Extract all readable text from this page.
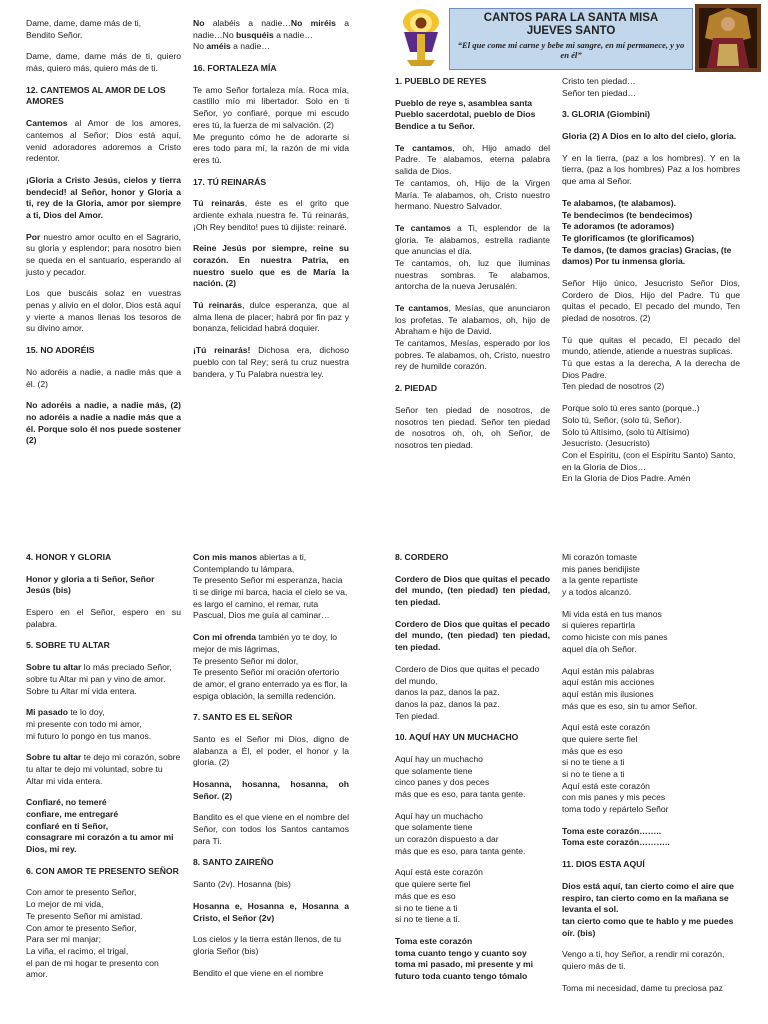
CANTOS PARA LA SANTA MISA
JUEVES SANTO
“El que come mi carne y bebe mi sangre, en mí permanece, y yo en él”

Dame, dame, dame más de ti,
Bendito Señor.

Dame, dame, dame más de ti, quiero más, quiero más, quiero más de ti.

12. CANTEMOS AL AMOR DE LOS AMORES

Cantemos al Amor de los amores, cantemos al Señor; Dios está aquí, venid adoradores adoremos a Cristo redentor.

¡Gloria a Cristo Jesús, cielos y tierra bendecid! al Señor, honor y Gloria a ti, rey de la Gloria, amor por siempre a ti, Dios del Amor.

Por nuestro amor oculto en el Sagrario, su gloria y esplendor; para nosotro bien se queda en el santuario, esperando al justo y pecador.

Los que buscáis solaz en vuestras penas y alivio en el dolor, Dios está aquí y vierte a manos llenas los tesoros de su divino amor.

15. NO ADORÉIS

No adoréis a nadie, a nadie más que a él. (2)

No adoréis a nadie, a nadie más, (2) no adoréis a nadie a nadie más que a él. Porque solo él nos puede sostener (2)

No alabéis a nadie…No miréis a nadie…No busquéis a nadie…
No améis a nadie…

16. FORTALEZA MÍA

Te amo Señor fortaleza mía. Roca mía, castillo mío mi libertador. Solo en ti Señor, yo confiaré, porque mi escudo eres tú, la fuerza de mi salvación. (2)
Me pregunto cómo he de adorarte si eres todo para mí, la razón de mi vida eres tú.

17. TÚ REINARÁS

Tú reinarás, éste es el grito que ardiente exhala nuestra fe. Tú reinarás, ¡Oh Rey bendito! pues tú dijiste: reinaré.

Reine Jesús por siempre, reine su corazón. En nuestra Patria, en nuestro suelo que es de María la nación. (2)

Tú reinarás, dulce esperanza, que al alma llena de placer; habrá por fin paz y bonanza, felicidad habrá doquier.

¡Tú reinarás! Dichosa era, dichoso pueblo con tal Rey; será tu cruz nuestra bandera, y Tu Palabra nuestra ley.

1. PUEBLO DE REYES

Pueblo de reye s, asamblea santa Pueblo sacerdotal, pueblo de Dios Bendice a tu Señor.

Te cantamos, oh, Hijo amado del Padre. Te alabamos, eterna palabra salida de Dios.
Te cantamos, oh, Hijo de la Virgen María. Te alabamos, oh, Cristo nuestro hermano. Nuestro Salvador.

Te cantamos a Ti, esplendor de la gloria. Te alabamos, estrella radiante que anuncias el día.
Te cantamos, oh, luz que iluminas nuestras sombras. Te alabamos, antorcha de la nueva Jerusalén.

Te cantamos, Mesías, que anunciaron los profetas. Te alabamos, oh, hijo de Abraham e hijo de David.
Te cantamos, Mesías, esperado por los pobres. Te alabamos, oh, Cristo, nuestro rey de humilde corazón.

2. PIEDAD

Señor ten piedad de nosotros, de nosotros ten piedad. Señor ten piedad de nosotros oh, oh, oh Señor, de nosotros ten piedad.

Cristo ten piedad…
Señor ten piedad…

3. GLORIA (Giombini)

Gloria (2) A Dios en lo alto del cielo, gloria.

Y en la tierra, (paz a los hombres). Y en la tierra, (paz a los hombres) Paz a los hombres que ama al Señor.

Te alabamos, (te alabamos).
Te bendecimos (te bendecimos)
Te adoramos (te adoramos)
Te glorificamos (te glorificamos)
Te damos, (te damos gracias) Gracias, (te damos) Por tu inmensa gloria.

Señor Hijo único, Jesucristo Señor Dios, Cordero de Dios, Hijo del Padre. Tú que quitas el pecado, El pecado del mundo, Ten piedad de nosotros. (2)

Tú que quitas el pecado, El pecado del mundo, atiende, atiende a nuestras suplicas.
Tú que estas a la derecha, A la derecha de Dios Padre.
Ten piedad de nosotros (2)

Porque solo tú eres santo (porque..)
Solo tú, Señor, (solo tú, Señor).
Solo tú Altísimo, (solo tú Altísimo)
Jesucristo. (Jesucristo)
Con el Espíritu, (con el Espíritu Santo) Santo, en la Gloria de Dios…
En la Gloria de Dios Padre. Amén

4. HONOR Y GLORIA

Honor y gloria a ti Señor, Señor Jesús (bis)

Espero en el Señor, espero en su palabra.

5. SOBRE TU ALTAR

Sobre tu altar lo más preciado Señor, sobre tu Altar mi pan y vino de amor. Sobre tu Altar mi vida entera.

Mi pasado te lo doy,
mi presente con todo mi amor,
mi futuro lo pongo en tus manos.

Sobre tu altar te dejo mi corazón, sobre tu altar te dejo mi voluntad, sobre tu Altar mi vida entera.

Confiaré, no temeré
confiare, me entregaré
confiaré en ti Señor,
consagrare mi corazón a tu amor mi Dios, mi rey.

6. CON AMOR TE PRESENTO SEÑOR

Con amor te presento Señor,
Lo mejor de mi vida,
Te presento Señor mi amistad.
Con amor te presento Señor,
Para ser mi manjar;
La viña, el racimo, el trigal,
el pan de mi hogar te presento con amor.

Con mis manos abiertas a ti,
Contemplando tu lámpara,
Te presento Señor mi esperanza, hacia ti se dirige mi barca, hacia el cielo se va, es largo el camino, el remar, ruta Pascual, Dios me guía al caminar…

Con mi ofrenda también yo te doy, lo mejor de mis lágrimas,
Te presento Señor mi dolor,
Te presento Señor mi oración ofertorio de amor, el grano enterrado ya es flor, la espiga oblación, la semilla redención.

7. SANTO ES EL SEÑOR

Santo es el Señor mi Dios, digno de alabanza a Él, el poder, el honor y la gloria. (2)

Hosanna, hosanna, hosanna, oh Señor. (2)

Bandito es el que viene en el nombre del Señor, con todos los Santos cantamos para Ti.

8. SANTO ZAIREÑO

Santo (2v). Hosanna (bis)

Hosanna e, Hosanna e, Hosanna a Cristo, el Señor (2v)

Los cielos y la tierra están llenos, de tu gloria Señor (bis)

Bendito el que viene en el nombre

8. CORDERO

Cordero de Dios que quitas el pecado del mundo, (ten piedad) ten piedad, ten piedad.

Cordero de Dios que quitas el pecado del mundo, (ten piedad) ten piedad, ten piedad.

Cordero de Dios que quitas el pecado del mundo,
danos la paz, danos la paz.
danos la paz, danos la paz.
Ten piedad.

10. AQUÍ HAY UN MUCHACHO

Aquí hay un muchacho
que solamente tiene
cinco panes y dos peces
más que es eso, para tanta gente.

Aquí hay un muchacho
que solamente tiene
un corazón dispuesto a dar
más que es eso, para tanta gente.

Aquí está este corazón
que quiere serte fiel
más que es eso
si no te tiene a ti
si no te tiene a ti.

Toma este corazón
toma cuanto tengo y cuanto soy
toma mi pasado, mi presente y mi futuro toda cuanto tengo tómalo

Mi corazón tomaste
mis panes bendijiste
a la gente repartiste
y a todos alcanzó.

Mi vida está en tus manos
si quieres repartirla
como hiciste con mis panes
aquel día oh Señor.

Aquí están mis palabras
aquí están mis acciones
aquí están mis ilusiones
más que es eso, sin tu amor Señor.

Aquí está este corazón
que quiere serte fiel
más que es eso
si no te tiene a ti
si no te tiene a ti
Aquí está este corazón
con mis panes y mis peces
toma todo y repártelo Señor

Toma este corazón……..
Toma este corazón………..

11. DIOS ESTA AQUÍ

Dios está aquí, tan cierto como el aire que respiro, tan cierto como en la mañana se levanta el sol.
tan cierto como que te hablo y me puedes oír. (bis)

Vengo a ti, hoy Señor, a rendir mi corazón, quiero más de ti.

Toma mi necesidad, dame tu preciosa paz
